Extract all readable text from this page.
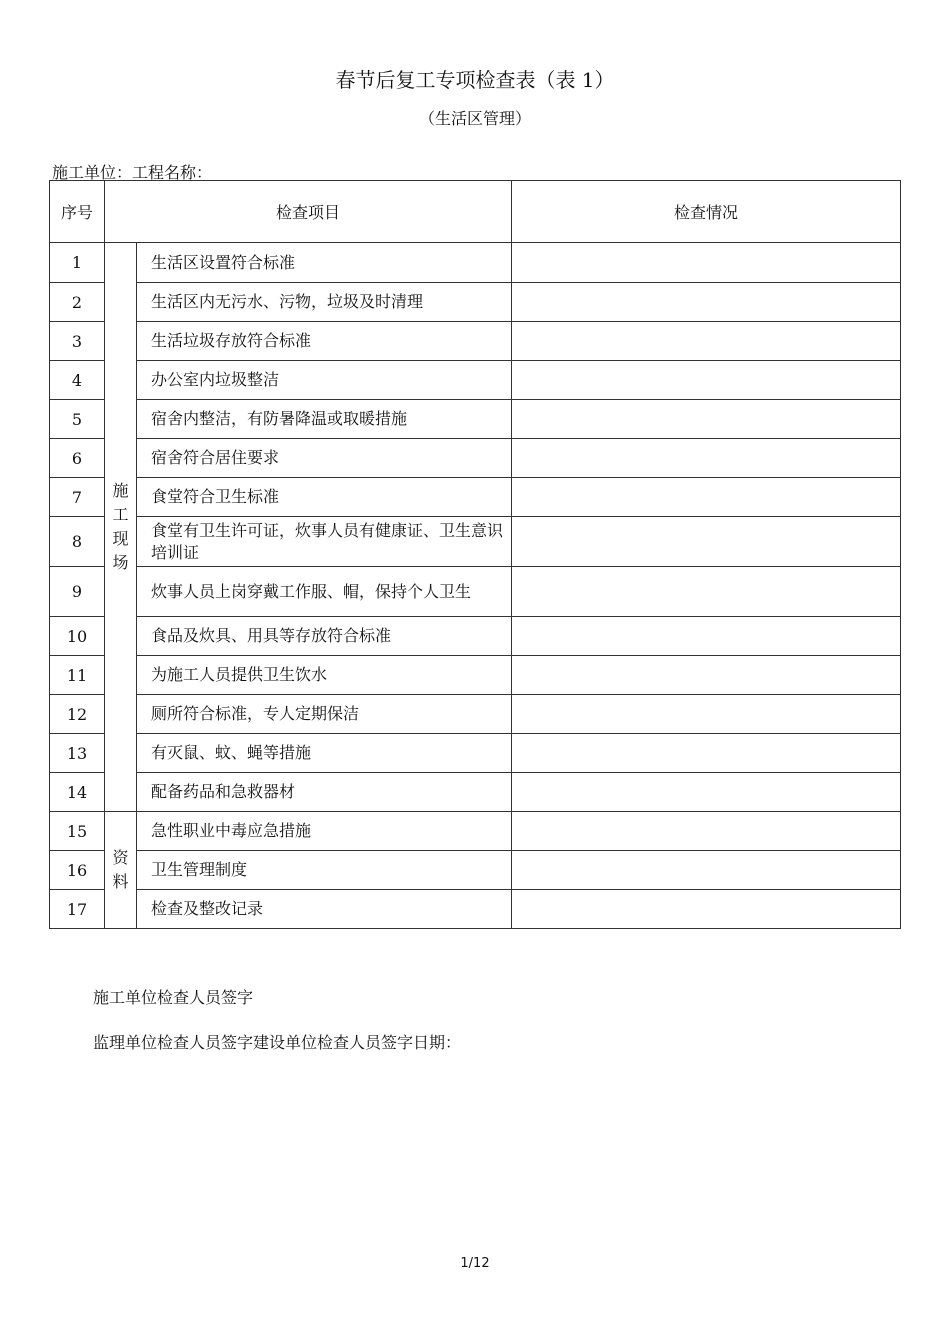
春节后复工专项检查表（表 1）
（生活区管理）
施工单位：工程名称：
序号	检查项目		检查情况
1	施工现场	生活区设置符合标准	
2		生活区内无污水、污物，垃圾及时清理	
3		生活垃圾存放符合标准	
4		办公室内垃圾整洁	
5		宿舍内整洁，有防暑降温或取暖措施	
6		宿舍符合居住要求	
7		食堂符合卫生标准	
8		食堂有卫生许可证，炊事人员有健康证、卫生意识培训证	
9		炊事人员上岗穿戴工作服、帽，保持个人卫生	
10		食品及炊具、用具等存放符合标准	
11		为施工人员提供卫生饮水	
12		厕所符合标准，专人定期保洁	
13		有灭鼠、蚊、蝇等措施	
14		配备药品和急救器材	
15	资料	急性职业中毒应急措施	
16		卫生管理制度	
17		检查及整改记录	
施工单位检查人员签字
监理单位检查人员签字建设单位检查人员签字日期：
1/12
